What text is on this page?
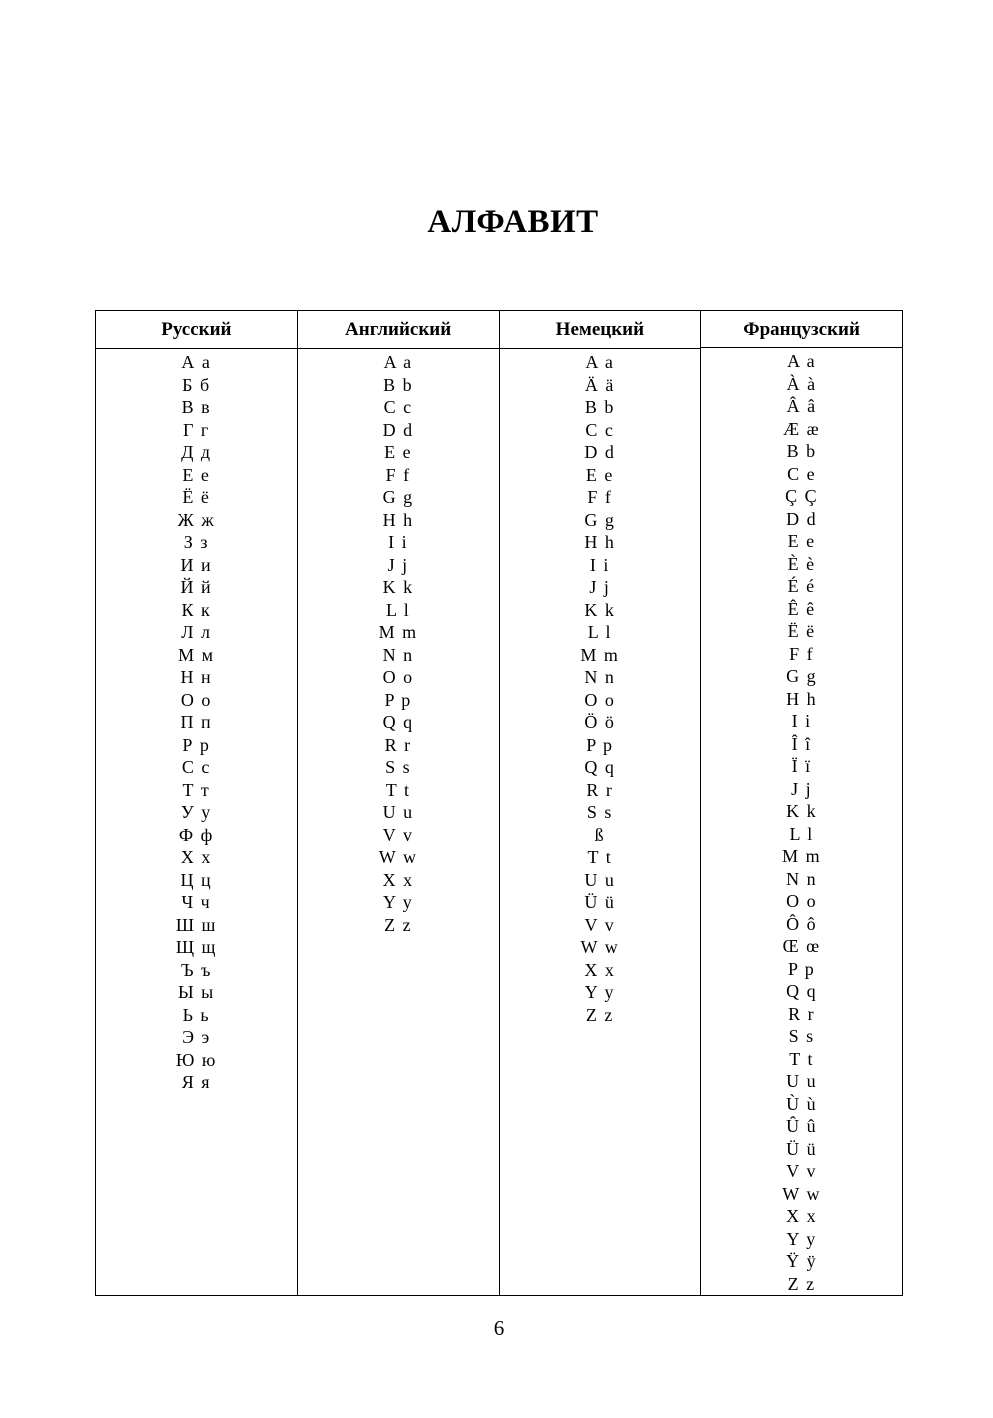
АЛФАВИТ
Русский
А а
Б б
В в
Г г
Д д
Е е
Ё ё
Ж ж
З з
И и
Й й
К к
Л л
М м
Н н
О о
П п
Р р
С с
Т т
У у
Ф ф
Х х
Ц ц
Ч ч
Ш ш
Щ щ
Ъ ъ
Ы ы
Ь ь
Э э
Ю ю
Я я
Английский
A a
B b
C c
D d
E e
F f
G g
H h
I i
J j
K k
L l
M m
N n
O o
P p
Q q
R r
S s
T t
U u
V v
W w
X x
Y y
Z z
Немецкий
A a
Ä ä
B b
C c
D d
E e
F f
G g
H h
I i
J j
K k
L l
M m
N n
O o
Ö ö
P p
Q q
R r
S s
ß
T t
U u
Ü ü
V v
W w
X x
Y y
Z z
Французский
A a
À à
Â â
Æ æ
B b
C e
Ç Ç
D d
E e
È è
É é
Ê ê
Ë ë
F f
G g
H h
I i
Î î
Ï ï
J j
K k
L l
M m
N n
O o
Ô ô
Œ œ
P p
Q q
R r
S s
T t
U u
Ù ù
Û û
Ü ü
V v
W w
X x
Y y
Ÿ ÿ
Z z
6
